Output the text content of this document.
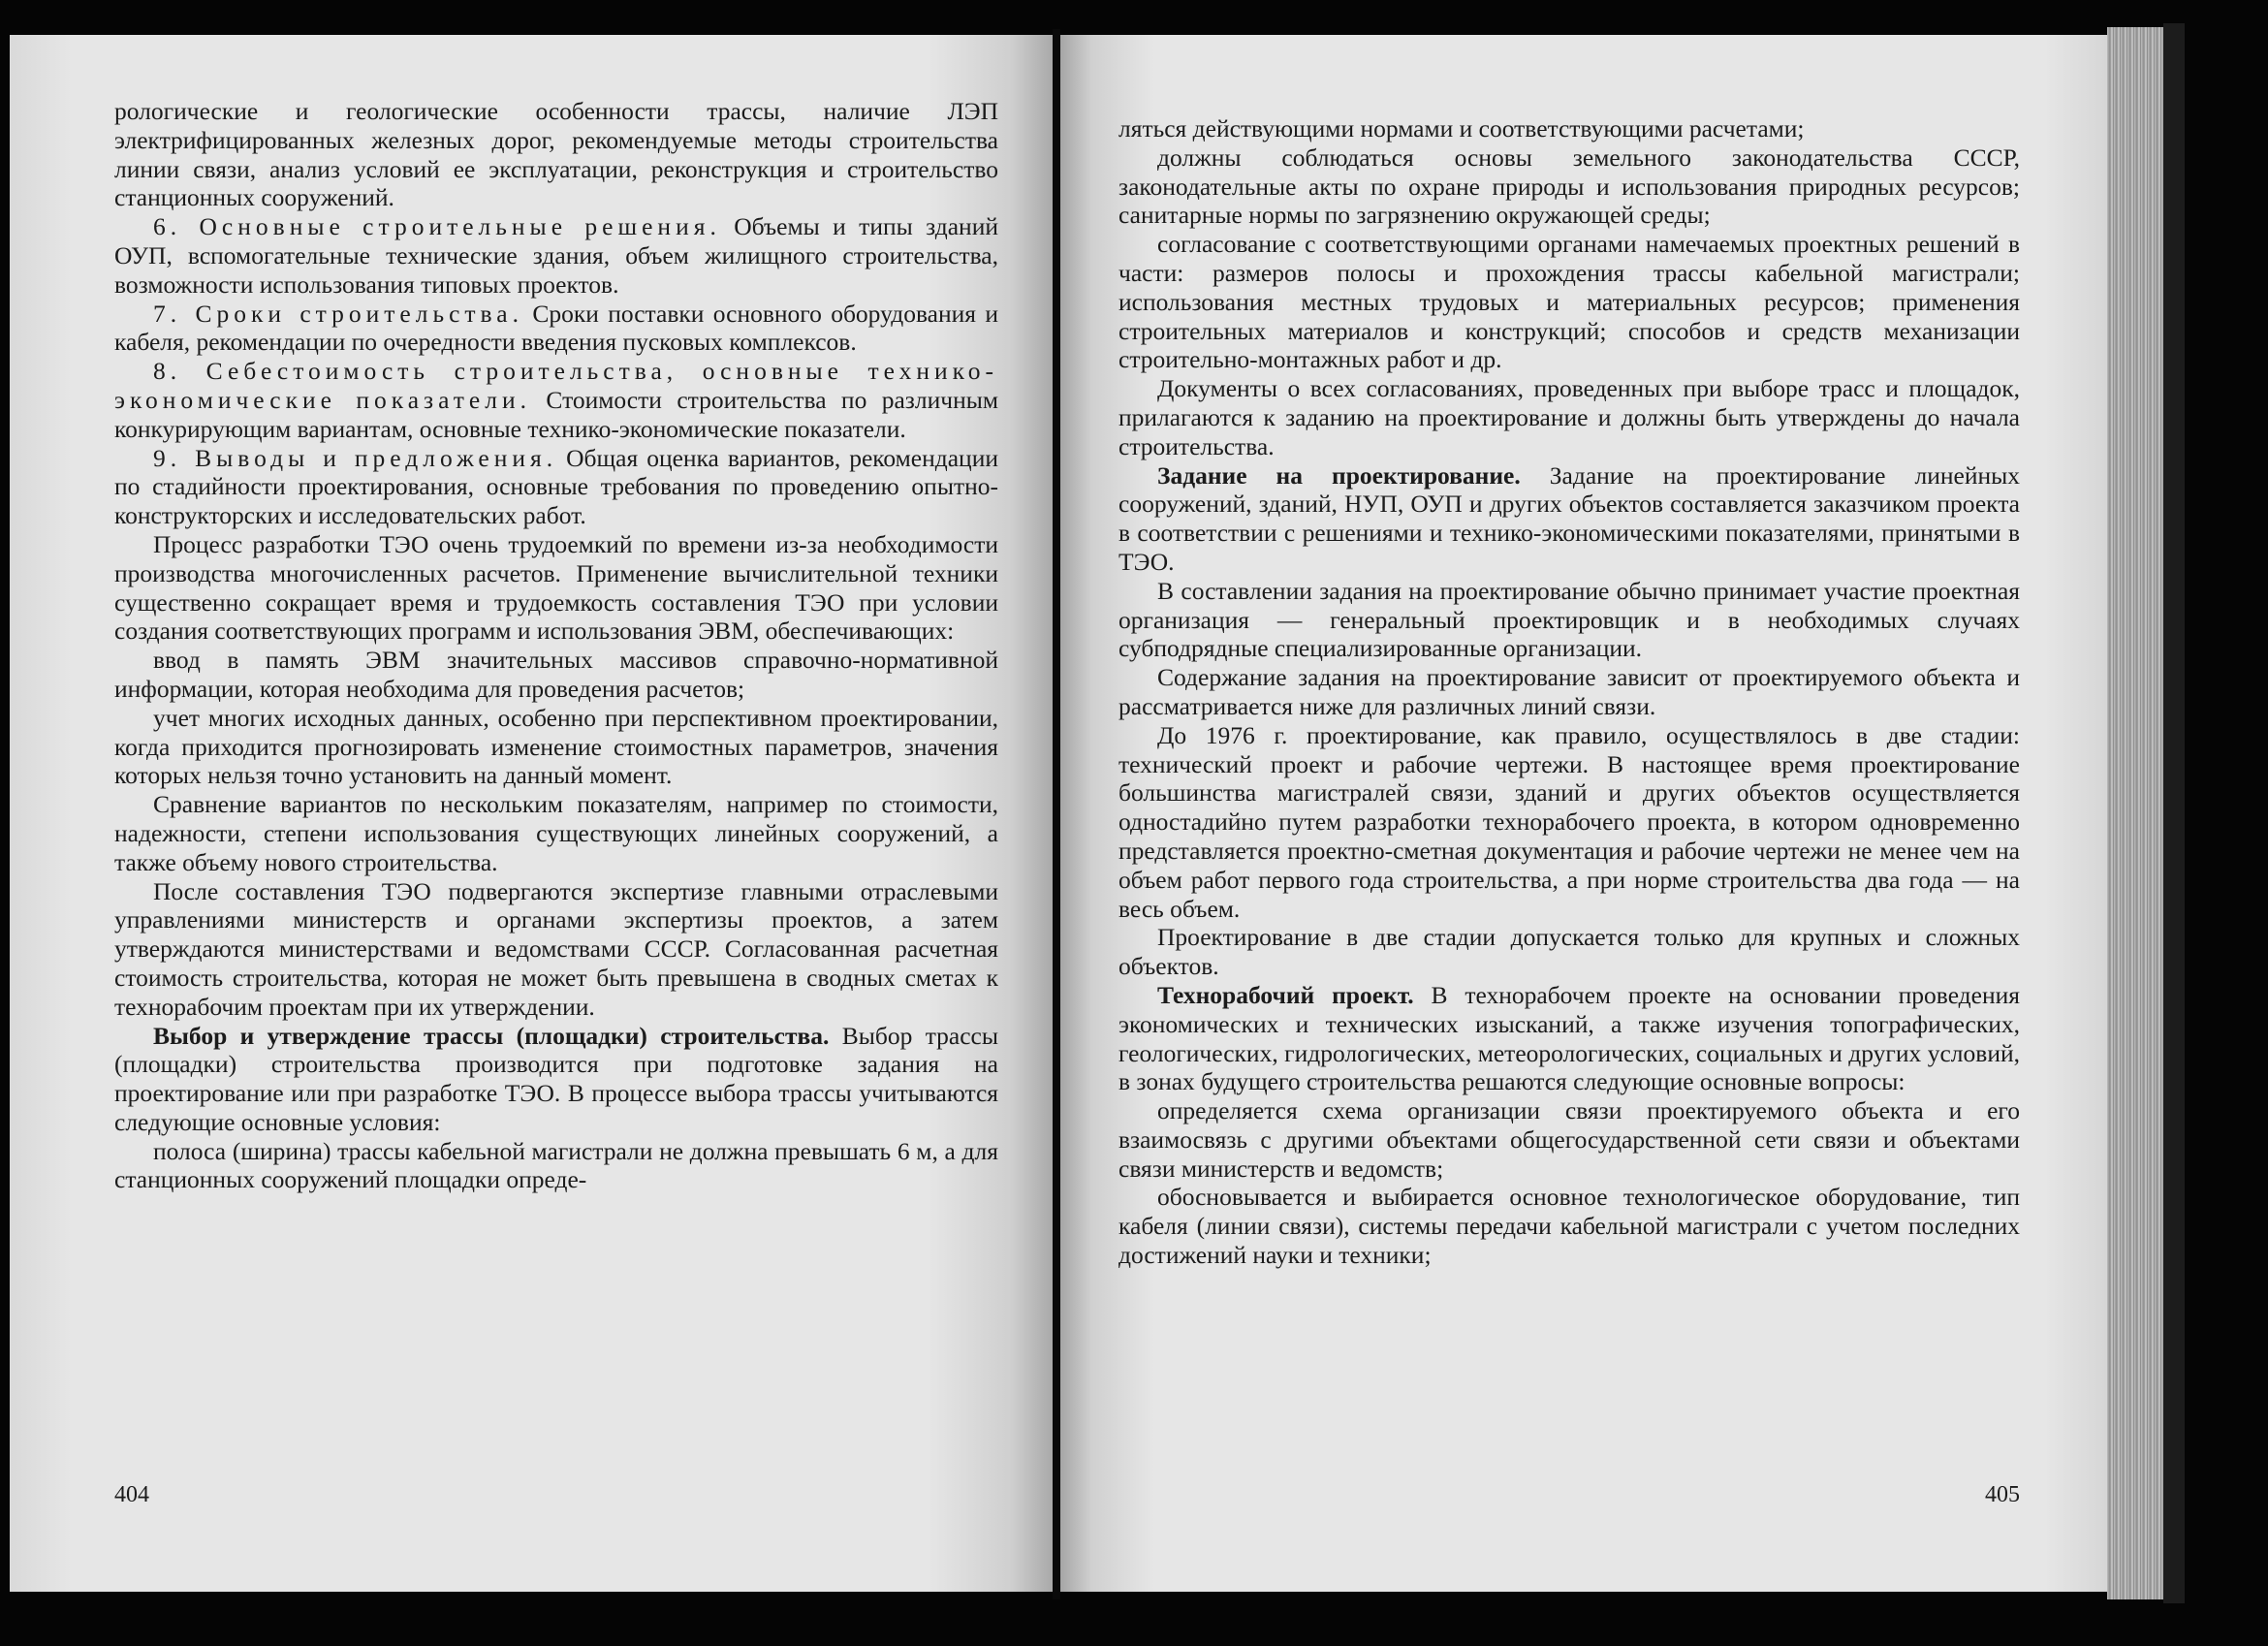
рологические и геологические особенности трассы, наличие ЛЭП электрифицированных железных дорог, рекомендуемые методы строительства линии связи, анализ условий ее эксплуатации, реконструкция и строительство станционных сооружений.

6. Основные строительные решения. Объемы и типы зданий ОУП, вспомогательные технические здания, объем жилищного строительства, возможности использования типовых проектов.

7. Сроки строительства. Сроки поставки основного оборудования и кабеля, рекомендации по очередности введения пусковых комплексов.

8. Себестоимость строительства, основные технико-экономические показатели. Стоимости строительства по различным конкурирующим вариантам, основные технико-экономические показатели.

9. Выводы и предложения. Общая оценка вариантов, рекомендации по стадийности проектирования, основные требования по проведению опытно-конструкторских и исследовательских работ.

Процесс разработки ТЭО очень трудоемкий по времени из-за необходимости производства многочисленных расчетов. Применение вычислительной техники существенно сокращает время и трудоемкость составления ТЭО при условии создания соответствующих программ и использования ЭВМ, обеспечивающих:

ввод в память ЭВМ значительных массивов справочно-нормативной информации, которая необходима для проведения расчетов;

учет многих исходных данных, особенно при перспективном проектировании, когда приходится прогнозировать изменение стоимостных параметров, значения которых нельзя точно установить на данный момент.

Сравнение вариантов по нескольким показателям, например по стоимости, надежности, степени использования существующих линейных сооружений, а также объему нового строительства.

После составления ТЭО подвергаются экспертизе главными отраслевыми управлениями министерств и органами экспертизы проектов, а затем утверждаются министерствами и ведомствами СССР. Согласованная расчетная стоимость строительства, которая не может быть превышена в сводных сметах к технорабочим проектам при их утверждении.

Выбор и утверждение трассы (площадки) строительства. Выбор трассы (площадки) строительства производится при подготовке задания на проектирование или при разработке ТЭО. В процессе выбора трассы учитываются следующие основные условия:

полоса (ширина) трассы кабельной магистрали не должна превышать 6 м, а для станционных сооружений площадки опреде-

404

ляться действующими нормами и соответствующими расчетами;

должны соблюдаться основы земельного законодательства СССР, законодательные акты по охране природы и использования природных ресурсов; санитарные нормы по загрязнению окружающей среды;

согласование с соответствующими органами намечаемых проектных решений в части: размеров полосы и прохождения трассы кабельной магистрали; использования местных трудовых и материальных ресурсов; применения строительных материалов и конструкций; способов и средств механизации строительно-монтажных работ и др.

Документы о всех согласованиях, проведенных при выборе трасс и площадок, прилагаются к заданию на проектирование и должны быть утверждены до начала строительства.

Задание на проектирование. Задание на проектирование линейных сооружений, зданий, НУП, ОУП и других объектов составляется заказчиком проекта в соответствии с решениями и технико-экономическими показателями, принятыми в ТЭО.

В составлении задания на проектирование обычно принимает участие проектная организация — генеральный проектировщик и в необходимых случаях субподрядные специализированные организации.

Содержание задания на проектирование зависит от проектируемого объекта и рассматривается ниже для различных линий связи.

До 1976 г. проектирование, как правило, осуществлялось в две стадии: технический проект и рабочие чертежи. В настоящее время проектирование большинства магистралей связи, зданий и других объектов осуществляется одностадийно путем разработки технорабочего проекта, в котором одновременно представляется проектно-сметная документация и рабочие чертежи не менее чем на объем работ первого года строительства, а при норме строительства два года — на весь объем.

Проектирование в две стадии допускается только для крупных и сложных объектов.

Технорабочий проект. В технорабочем проекте на основании проведения экономических и технических изысканий, а также изучения топографических, геологических, гидрологических, метеорологических, социальных и других условий, в зонах будущего строительства решаются следующие основные вопросы:

определяется схема организации связи проектируемого объекта и его взаимосвязь с другими объектами общегосударственной сети связи и объектами связи министерств и ведомств;

обосновывается и выбирается основное технологическое оборудование, тип кабеля (линии связи), системы передачи кабельной магистрали с учетом последних достижений науки и техники;

405
